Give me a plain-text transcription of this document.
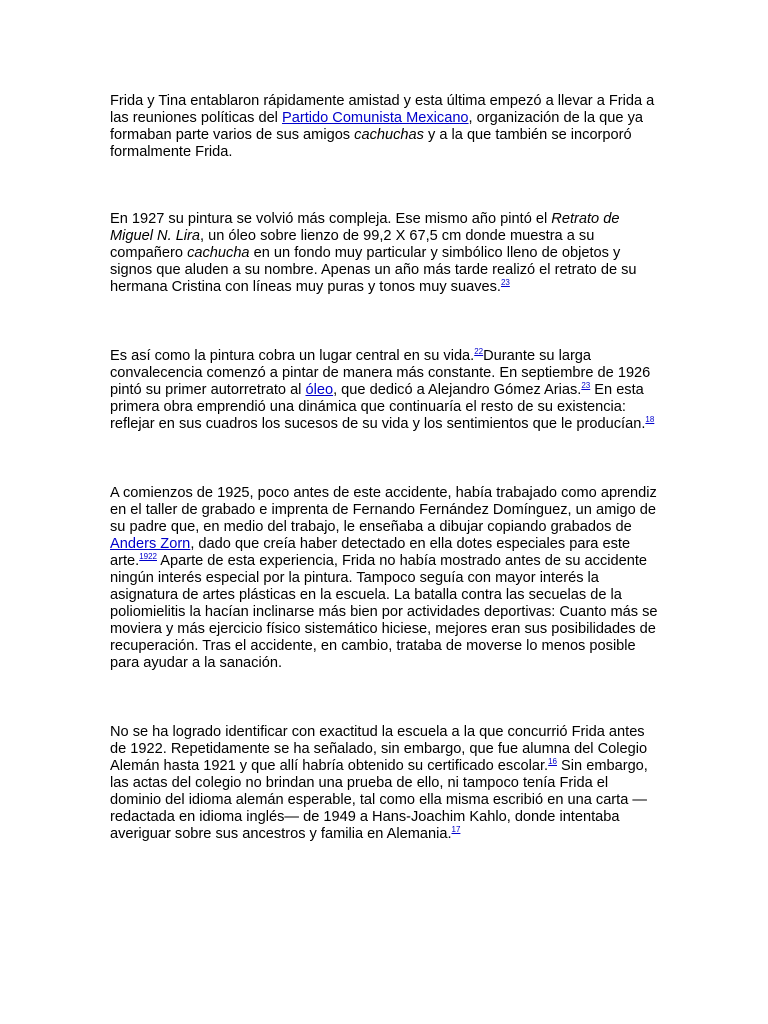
Frida y Tina entablaron rápidamente amistad y esta última empezó a llevar a Frida a las reuniones políticas del Partido Comunista Mexicano, organización de la que ya formaban parte varios de sus amigos cachuchas y a la que también se incorporó formalmente Frida.

En 1927 su pintura se volvió más compleja. Ese mismo año pintó el Retrato de Miguel N. Lira, un óleo sobre lienzo de 99,2 X 67,5 cm donde muestra a su compañero cachucha en un fondo muy particular y simbólico lleno de objetos y signos que aluden a su nombre. Apenas un año más tarde realizó el retrato de su hermana Cristina con líneas muy puras y tonos muy suaves.$^{23}$

Es así como la pintura cobra un lugar central en su vida.$^{22}$Durante su larga convalecencia comenzó a pintar de manera más constante. En septiembre de 1926 pintó su primer autorretrato al óleo, que dedicó a Alejandro Gómez Arias.$^{23}$ En esta primera obra emprendió una dinámica que continuaría el resto de su existencia: reflejar en sus cuadros los sucesos de su vida y los sentimientos que le producían.$^{18}$

A comienzos de 1925, poco antes de este accidente, había trabajado como aprendiz en el taller de grabado e imprenta de Fernando Fernández Domínguez, un amigo de su padre que, en medio del trabajo, le enseñaba a dibujar copiando grabados de Anders Zorn, dado que creía haber detectado en ella dotes especiales para este arte.$^{1922}$ Aparte de esta experiencia, Frida no había mostrado antes de su accidente ningún interés especial por la pintura. Tampoco seguía con mayor interés la asignatura de artes plásticas en la escuela. La batalla contra las secuelas de la poliomielitis la hacían inclinarse más bien por actividades deportivas: Cuanto más se moviera y más ejercicio físico sistemático hiciese, mejores eran sus posibilidades de recuperación. Tras el accidente, en cambio, trataba de moverse lo menos posible para ayudar a la sanación.

No se ha logrado identificar con exactitud la escuela a la que concurrió Frida antes de 1922. Repetidamente se ha señalado, sin embargo, que fue alumna del Colegio Alemán hasta 1921 y que allí habría obtenido su certificado escolar.$^{16}$ Sin embargo, las actas del colegio no brindan una prueba de ello, ni tampoco tenía Frida el dominio del idioma alemán esperable, tal como ella misma escribió en una carta —redactada en idioma inglés— de 1949 a Hans-Joachim Kahlo, donde intentaba averiguar sobre sus ancestros y familia en Alemania.$^{17}$
